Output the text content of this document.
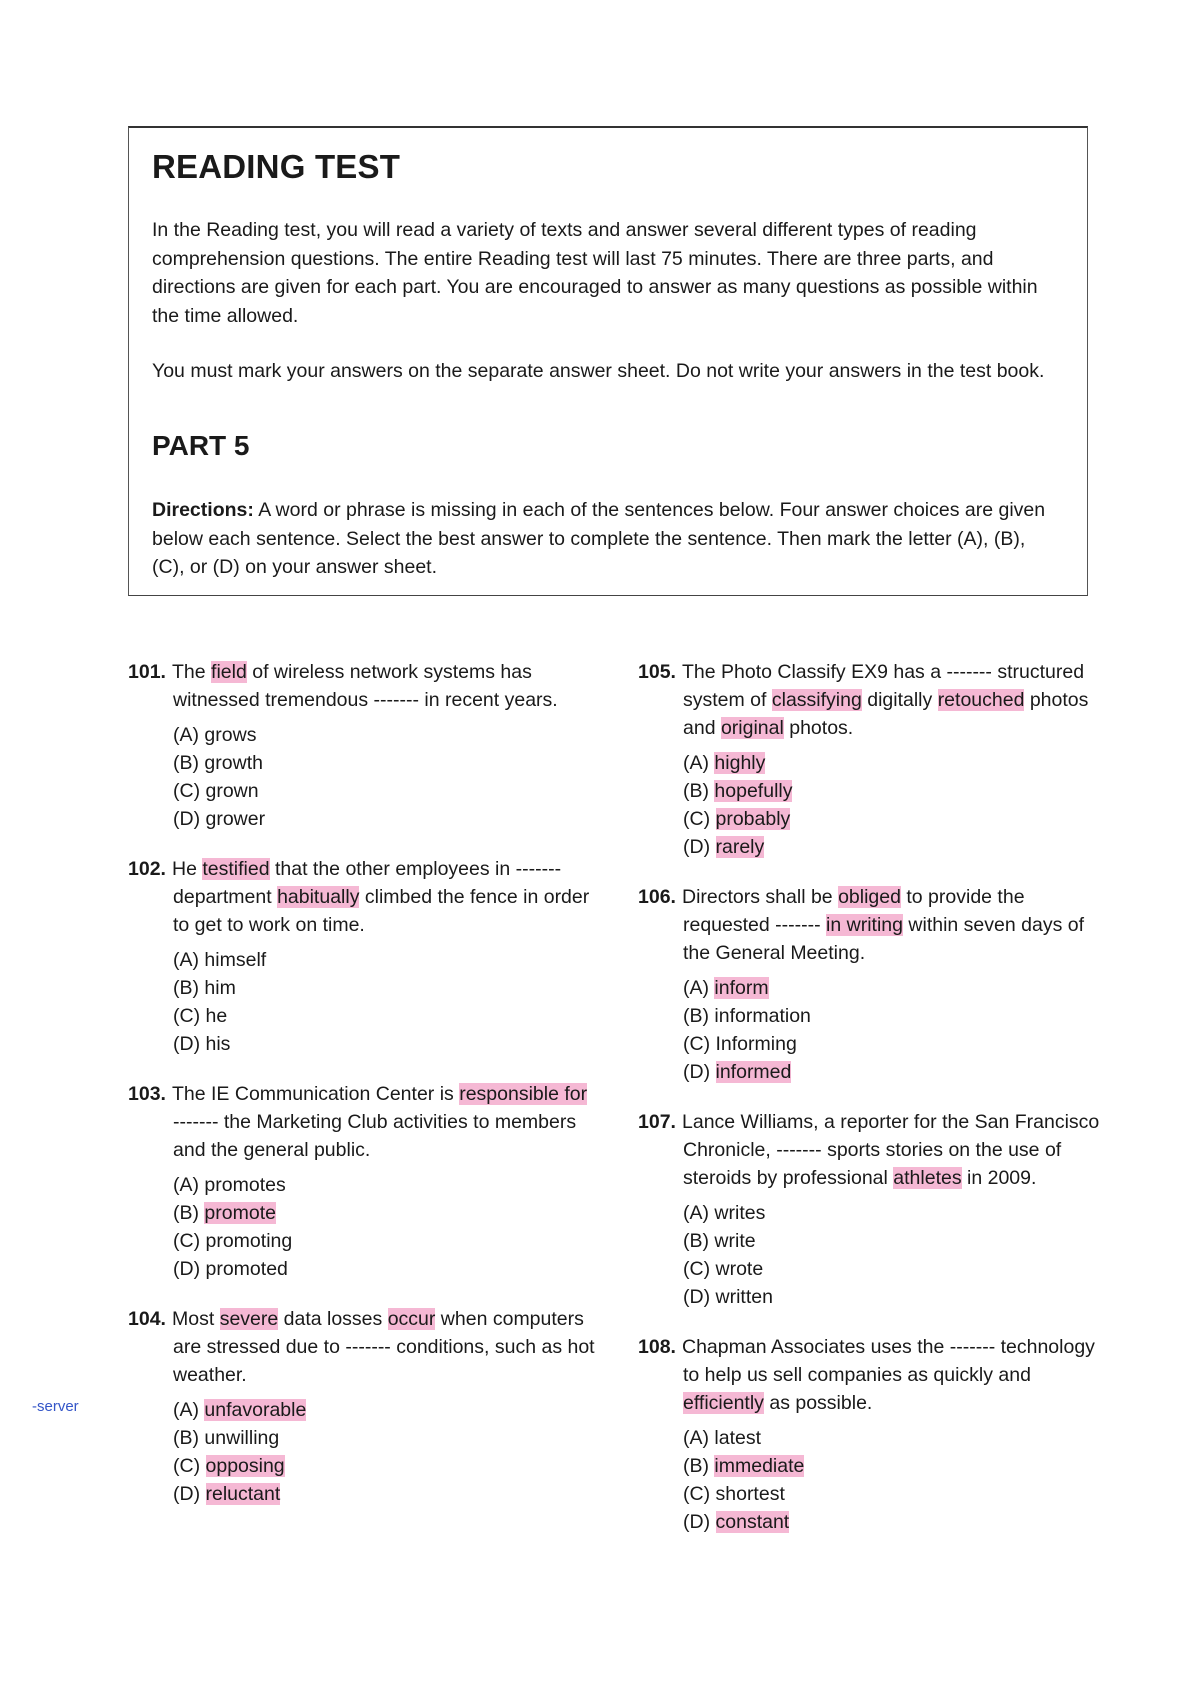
READING TEST

In the Reading test, you will read a variety of texts and answer several different types of reading comprehension questions. The entire Reading test will last 75 minutes. There are three parts, and directions are given for each part. You are encouraged to answer as many questions as possible within the time allowed.

You must mark your answers on the separate answer sheet. Do not write your answers in the test book.

PART 5

Directions: A word or phrase is missing in each of the sentences below. Four answer choices are given below each sentence. Select the best answer to complete the sentence. Then mark the letter (A), (B), (C), or (D) on your answer sheet.

-server
101. The field of wireless network systems has witnessed tremendous ------- in recent years.
(A) grows
(B) growth
(C) grown
(D) grower
102. He testified that the other employees in ------- department habitually climbed the fence in order to get to work on time.
(A) himself
(B) him
(C) he
(D) his
103. The IE Communication Center is responsible for ------- the Marketing Club activities to members and the general public.
(A) promotes
(B) promote
(C) promoting
(D) promoted
104. Most severe data losses occur when computers are stressed due to ------- conditions, such as hot weather.
(A) unfavorable
(B) unwilling
(C) opposing
(D) reluctant
105. The Photo Classify EX9 has a ------- structured system of classifying digitally retouched photos and original photos.
(A) highly
(B) hopefully
(C) probably
(D) rarely
106. Directors shall be obliged to provide the requested ------- in writing within seven days of the General Meeting.
(A) inform
(B) information
(C) Informing
(D) informed
107. Lance Williams, a reporter for the San Francisco Chronicle, ------- sports stories on the use of steroids by professional athletes in 2009.
(A) writes
(B) write
(C) wrote
(D) written
108. Chapman Associates uses the ------- technology to help us sell companies as quickly and efficiently as possible.
(A) latest
(B) immediate
(C) shortest
(D) constant
